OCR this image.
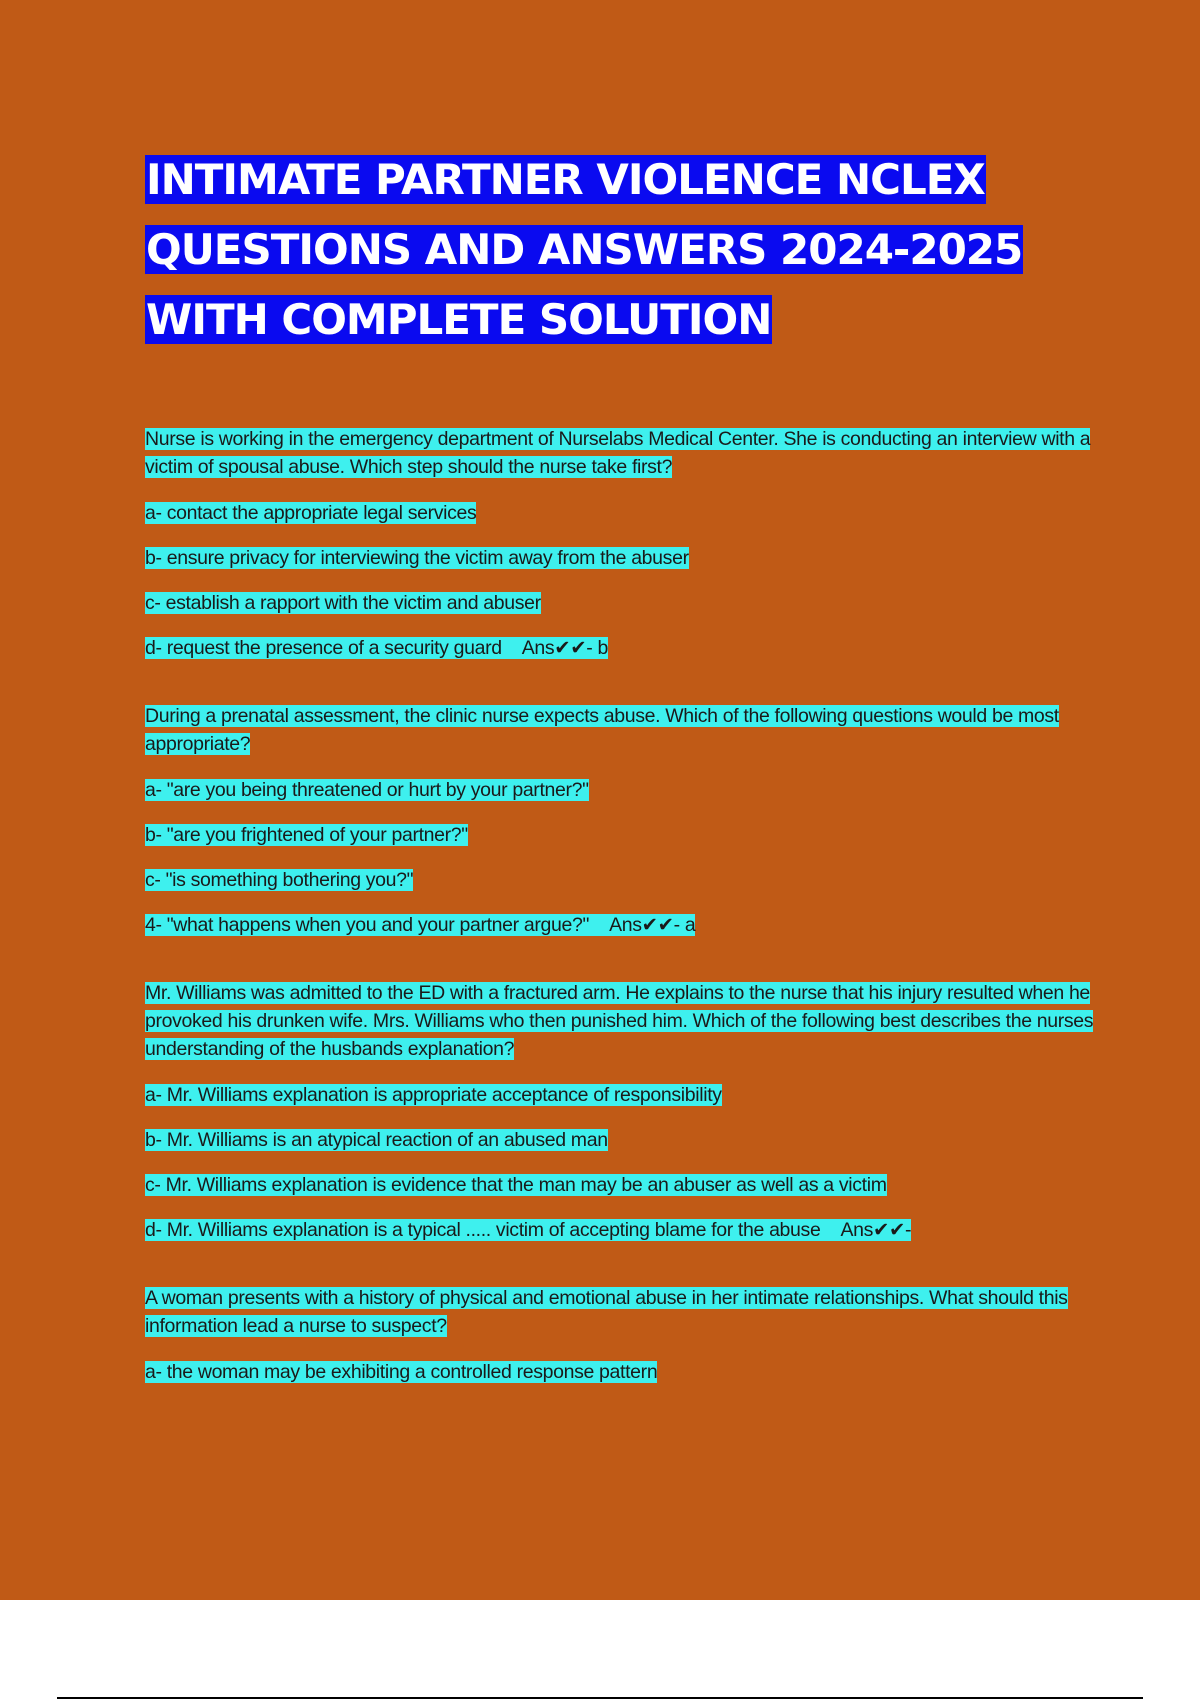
INTIMATE PARTNER VIOLENCE NCLEX
QUESTIONS AND ANSWERS 2024-2025
WITH COMPLETE SOLUTION

Nurse is working in the emergency department of Nurselabs Medical Center. She is conducting an interview with a victim of spousal abuse. Which step should the nurse take first?

a- contact the appropriate legal services
b- ensure privacy for interviewing the victim away from the abuser
c- establish a rapport with the victim and abuser
d- request the presence of a security guard Ans✔✔- b

During a prenatal assessment, the clinic nurse expects abuse. Which of the following questions would be most appropriate?

a- "are you being threatened or hurt by your partner?"
b- "are you frightened of your partner?"
c- "is something bothering you?"
4- "what happens when you and your partner argue?" Ans✔✔- a

Mr. Williams was admitted to the ED with a fractured arm. He explains to the nurse that his injury resulted when he provoked his drunken wife. Mrs. Williams who then punished him. Which of the following best describes the nurses understanding of the husbands explanation?

a- Mr. Williams explanation is appropriate acceptance of responsibility
b- Mr. Williams is an atypical reaction of an abused man
c- Mr. Williams explanation is evidence that the man may be an abuser as well as a victim
d- Mr. Williams explanation is a typical ..... victim of accepting blame for the abuse Ans✔✔-

A woman presents with a history of physical and emotional abuse in her intimate relationships. What should this information lead a nurse to suspect?

a- the woman may be exhibiting a controlled response pattern
